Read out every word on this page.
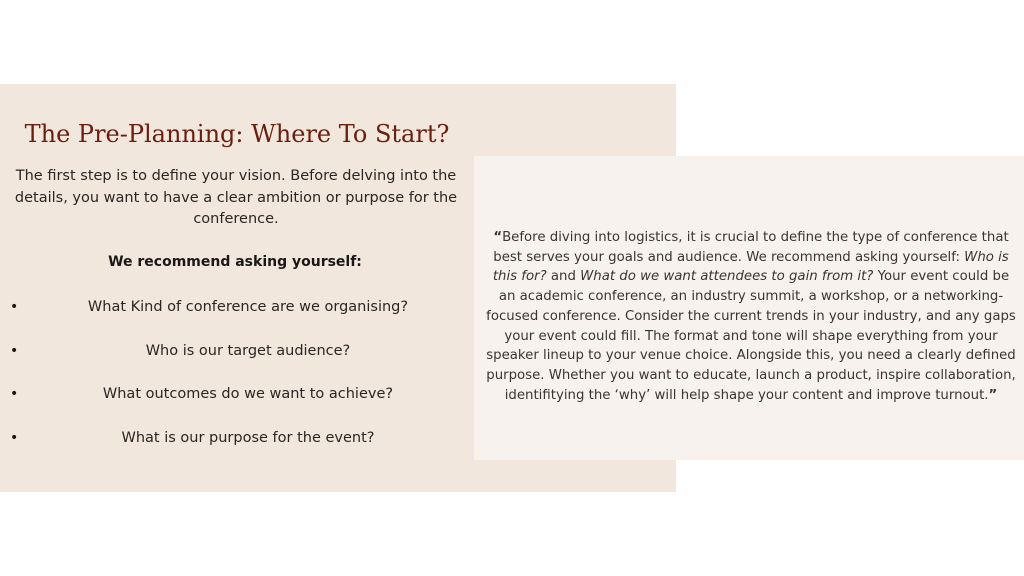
The Pre-Planning: Where To Start?

The first step is to define your vision. Before delving into the details, you want to have a clear ambition or purpose for the conference.

We recommend asking yourself:

•	What Kind of conference are we organising?
•	Who is our target audience?
•	What outcomes do we want to achieve?
•	What is our purpose for the event?

“Before diving into logistics, it is crucial to define the type of conference that best serves your goals and audience. We recommend asking yourself: Who is this for? and What do we want attendees to gain from it? Your event could be an academic conference, an industry summit, a workshop, or a networking-focused conference. Consider the current trends in your industry, and any gaps your event could fill. The format and tone will shape everything from your speaker lineup to your venue choice. Alongside this, you need a clearly defined purpose. Whether you want to educate, launch a product, inspire collaboration, identifitying the ‘why’ will help shape your content and improve turnout.”
